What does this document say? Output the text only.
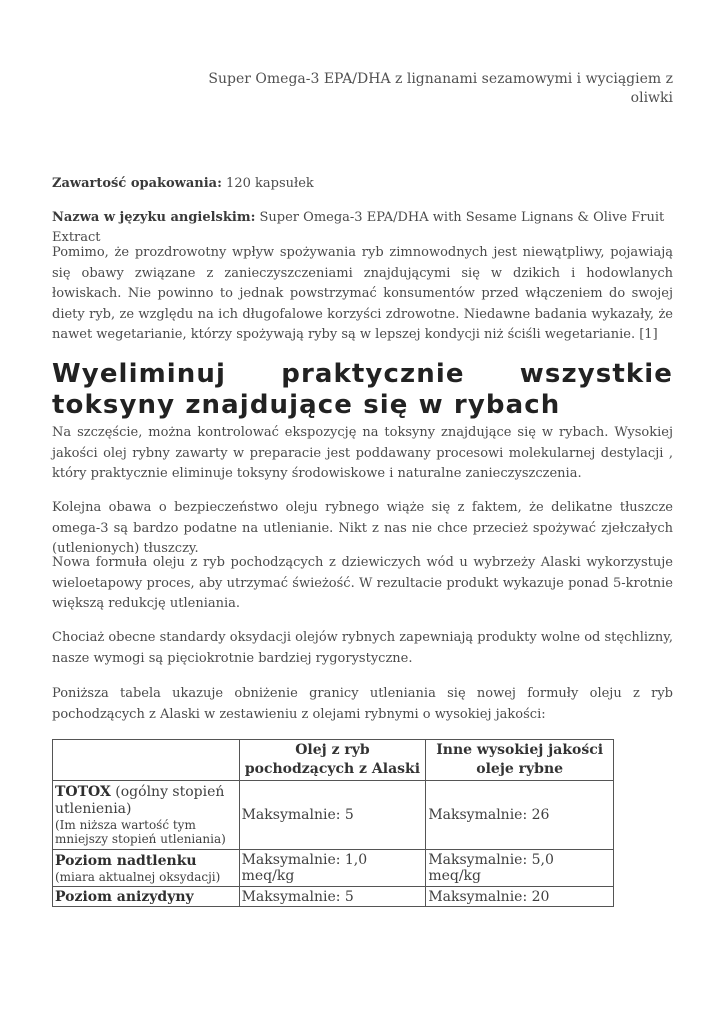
Super Omega-3 EPA/DHA z lignanami sezamowymi i wyciągiem z oliwki
Zawartość opakowania: 120 kapsułek
Nazwa w języku angielskim: Super Omega-3 EPA/DHA with Sesame Lignans & Olive Fruit Extract

Pomimo, że prozdrowotny wpływ spożywania ryb zimnowodnych jest niewątpliwy, pojawiają się obawy związane z zanieczyszczeniami znajdującymi się w dzikich i hodowlanych łowiskach. Nie powinno to jednak powstrzymać konsumentów przed włączeniem do swojej diety ryb, ze względu na ich długofalowe korzyści zdrowotne. Niedawne badania wykazały, że nawet wegetarianie, którzy spożywają ryby są w lepszej kondycji niż ściśli wegetarianie. [1]

Wyeliminuj praktycznie wszystkie toksyny znajdujące się w rybach

Na szczęście, można kontrolować ekspozycję na toksyny znajdujące się w rybach. Wysokiej jakości olej rybny zawarty w preparacie jest poddawany procesowi molekularnej destylacji , który praktycznie eliminuje toksyny środowiskowe i naturalne zanieczyszczenia.

Kolejna obawa o bezpieczeństwo oleju rybnego wiąże się z faktem, że delikatne tłuszcze omega-3 są bardzo podatne na utlenianie. Nikt z nas nie chce przecież spożywać zjełczałych (utlenionych) tłuszczy.

Nowa formuła oleju z ryb pochodzących z dziewiczych wód u wybrzeży Alaski wykorzystuje wieloetapowy proces, aby utrzymać świeżość. W rezultacie produkt wykazuje ponad 5-krotnie większą redukcję utleniania.

Chociaż obecne standardy oksydacji olejów rybnych zapewniają produkty wolne od stęchlizny, nasze wymogi są pięciokrotnie bardziej rygorystyczne.

Poniższa tabela ukazuje obniżenie granicy utleniania się nowej formuły oleju z ryb pochodzących z Alaski w zestawieniu z olejami rybnymi o wysokiej jakości:

	Olej z ryb pochodzących z Alaski	Inne wysokiej jakości oleje rybne

TOTOX (ogólny stopień utlenienia)
(Im niższa wartość tym mniejszy stopień utleniania)	Maksymalnie: 5	Maksymalnie: 26

Poziom nadtlenku
(miara aktualnej oksydacji)	Maksymalnie: 1,0 meq/kg	Maksymalnie: 5,0 meq/kg
Poziom anizydyny	Maksymalnie: 5	Maksymalnie: 20
